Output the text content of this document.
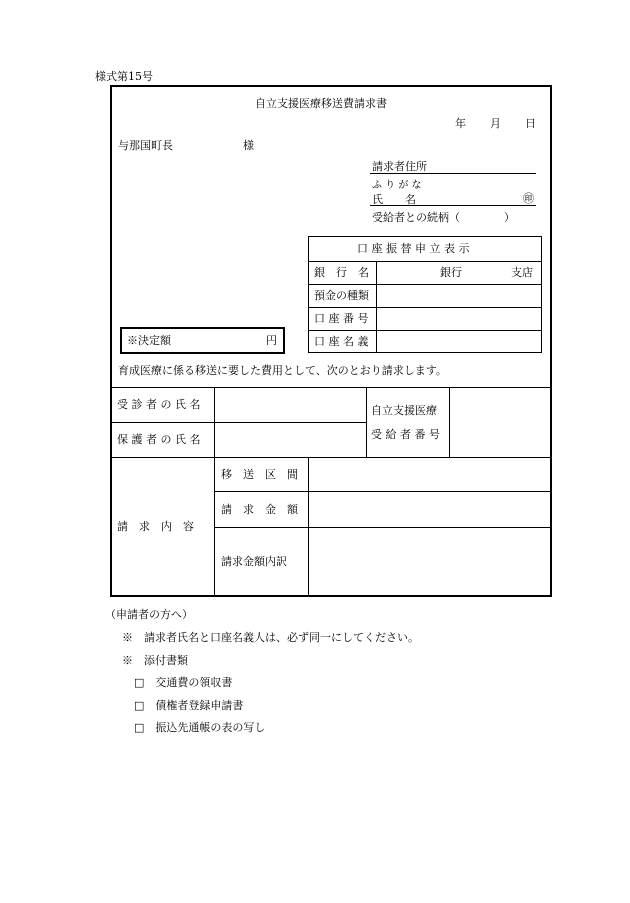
様式第15号
自立支援医療移送費請求書
年 月 日
与那国町長	様
請求者住所
ふ り が な
氏　　名	㊞
受給者との続柄（　　　　）
口 座 振 替 申 立 表 示
銀　行　名	銀行	支店
預金の種類
口 座 番 号
口 座 名 義
※決定額	円
育成医療に係る移送に要した費用として、次のとおり請求します。
受 診 者 の 氏 名
保 護 者 の 氏 名
自立支援医療
受 給 者 番 号
請　求　内　容
移　送　区　間
請　求　金　額
請求金額内訳
（申請者の方へ）
※　請求者氏名と口座名義人は、必ず同一にしてください。
※　添付書類
□　交通費の領収書
□　債権者登録申請書
□　振込先通帳の表の写し
